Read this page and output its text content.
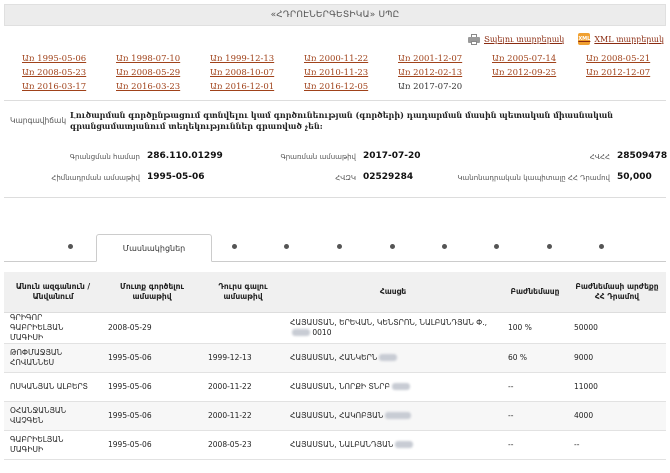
«ՀԴՐՈԷՆԵՐԳԵՏԻԿԱ» ՍՊԸ
Տպելու տարբերակ	XML XML տարբերակ
Առ 1995-05-06	Առ 1998-07-10	Առ 1999-12-13	Առ 2000-11-22	Առ 2001-12-07	Առ 2005-07-14	Առ 2008-05-21
Առ 2008-05-23	Առ 2008-05-29	Առ 2008-10-07	Առ 2010-11-23	Առ 2012-02-13	Առ 2012-09-25	Առ 2012-12-07
Առ 2016-03-17	Առ 2016-03-23	Առ 2016-12-01	Առ 2016-12-05	Առ 2017-07-20
Կարգավիճակ
Լուծարման գործընթացում գտնվելու կամ գործունեության (գործերի) դադարման մասին պետական միասնական գրանցամատյանում տեղեկություններ գրառված չեն:
Գրանցման համար 286.110.01299	Գրառման ամսաթիվ 2017-07-20	ՀՎՀՀ 28509478
Հիմնադրման ամսաթիվ 1995-05-06	ՀՎԶԿ 02529284	Կանոնադրական կապիտալը ՀՀ Դրամով 50,000
Մասնակիցներ
Անուն ազգանուն / Անվանում	Մուտք գործելու ամսաթիվ	Դուրս գալու ամսաթիվ	Հասցե	Բաժնեմասը	Բաժնեմասի արժեքը ՀՀ Դրամով
ԳՐԻԳՈՐ ԳԱԲՐԻԵԼՅԱՆ ՄԱԳԻՍԻ	2008-05-29		ՀԱՅԱՍՏԱՆ, ԵՐԵՎԱՆ, ԿԵՆՏՐՈՆ, ՆԱԼԲԱՆԴՅԱՆ Փ., 0010	100 %	50000
ԹՈՓՄԱՋՅԱՆ ՀՈՎԱՆՆԵՍ	1995-05-06	1999-12-13	ՀԱՅԱՍՏԱՆ, ՀԱՆԿԵՐՆ	60 %	9000
ՈՍԿԱՆՅԱՆ ԱԼԲԵՐՏ	1995-05-06	2000-11-22	ՀԱՅԱՍՏԱՆ, ՆՈՐՔԻ ՏՆՐԲ	--	11000
ՕՀԱՆՋԱՆՅԱՆ ՎԱՉԳԵՆ	1995-05-06	2000-11-22	ՀԱՅԱՍՏԱՆ, ՀԱԿՈԲՅԱՆ	--	4000
ԳԱԲՐԻԵԼՅԱՆ ՄԱԳԻՍԻ	1995-05-06	2008-05-23	ՀԱՅԱՍՏԱՆ, ՆԱԼԲԱՆԴՅԱՆ	--	--
